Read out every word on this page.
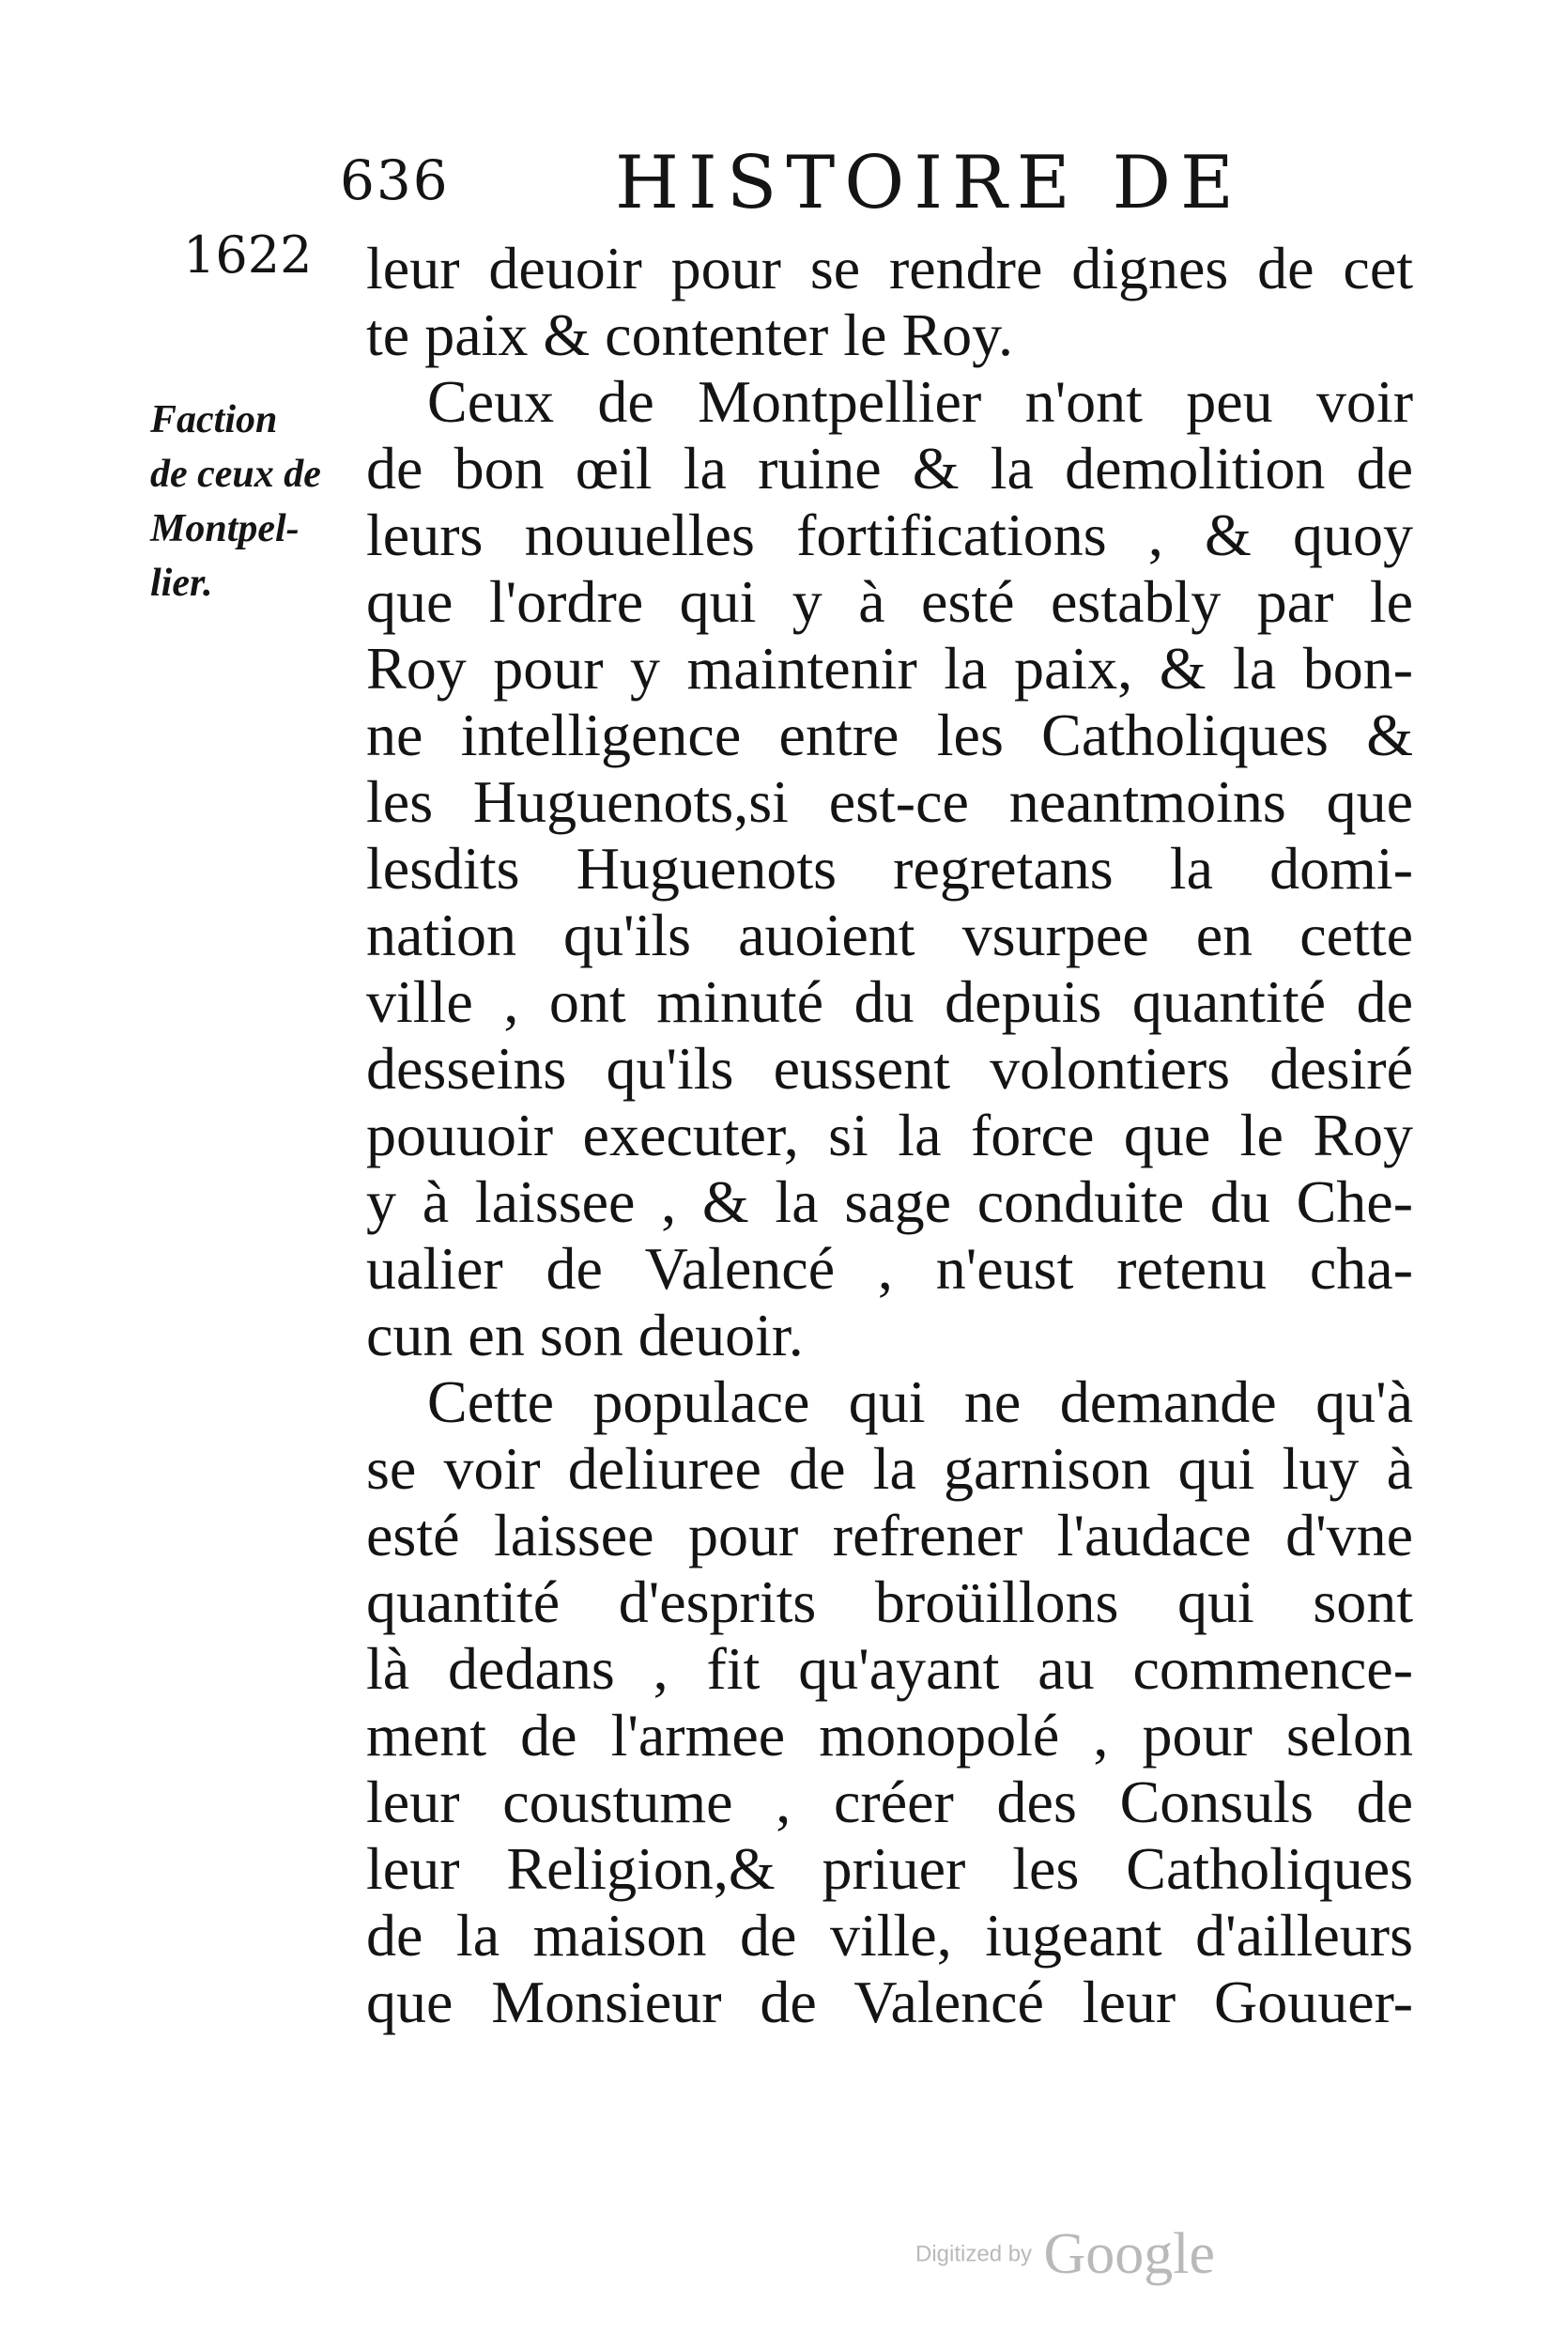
636 HISTOIRE DE
1622
Faction
de ceux de
Montpel-
lier.
leur deuoir pour se rendre dignes de cet
te paix & contenter le Roy.
Ceux de Montpellier n'ont peu voir
de bon œil la ruine & la demolition de
leurs nouuelles fortifications , & quoy
que l'ordre qui y à esté estably par le
Roy pour y maintenir la paix, & la bon-
ne intelligence entre les Catholiques &
les Huguenots,si est-ce neantmoins que
lesdits Huguenots regretans la domi-
nation qu'ils auoient vsurpee en cette
ville , ont minuté du depuis quantité de
desseins qu'ils eussent volontiers desiré
pouuoir executer, si la force que le Roy
y à laissee , & la sage conduite du Che-
ualier de Valencé , n'eust retenu cha-
cun en son deuoir.
Cette populace qui ne demande qu'à
se voir deliuree de la garnison qui luy à
esté laissee pour refrener l'audace d'vne
quantité d'esprits broüillons qui sont
là dedans , fit qu'ayant au commence-
ment de l'armee monopolé , pour selon
leur coustume , créer des Consuls de
leur Religion,& priuer les Catholiques
de la maison de ville, iugeant d'ailleurs
que Monsieur de Valencé leur Gouuer-
Digitized by Google
